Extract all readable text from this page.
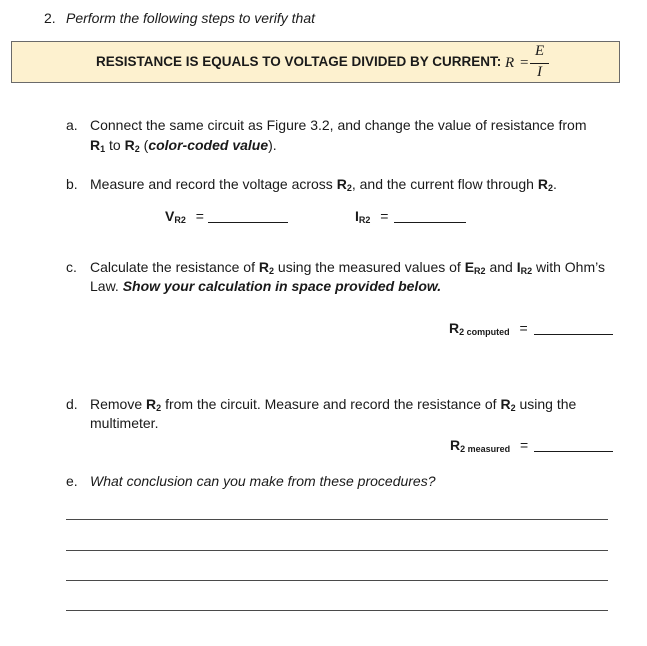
2. Perform the following steps to verify that
RESISTANCE IS EQUALS TO VOLTAGE DIVIDED BY CURRENT: R =
E
I
a. Connect the same circuit as Figure 3.2, and change the value of resistance from
R1 to R2 (color-coded value).
b. Measure and record the voltage across R2, and the current flow through R2.
VR2 =	IR2 =
c. Calculate the resistance of R2 using the measured values of ER2 and IR2 with Ohm’s
Law. Show your calculation in space provided below.
R2 computed =
d. Remove R2 from the circuit. Measure and record the resistance of R2 using the
multimeter.
R2 measured =
e. What conclusion can you make from these procedures?
